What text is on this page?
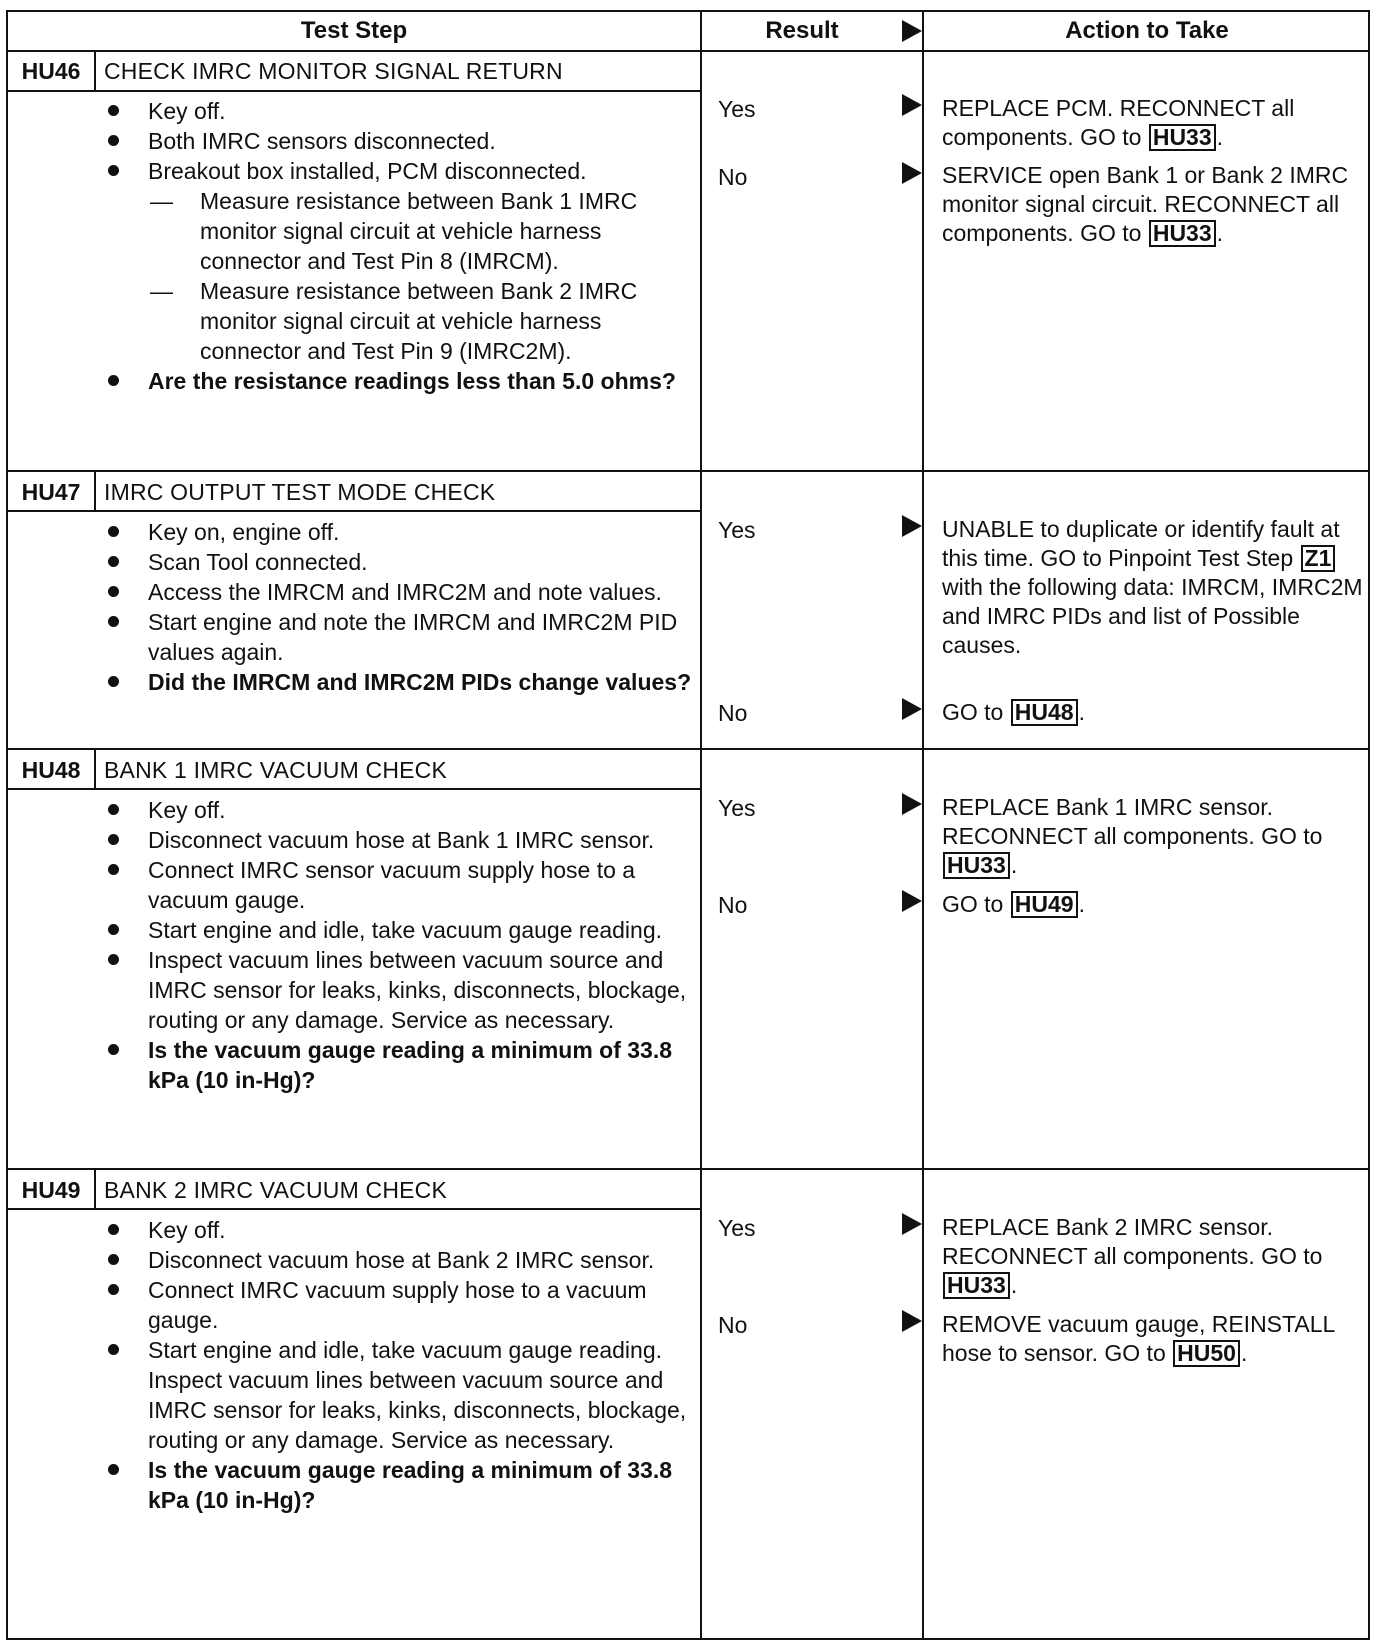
Test Step	Result	Action to Take
HU46	CHECK IMRC MONITOR SIGNAL RETURN
Key off.
Both IMRC sensors disconnected.
Breakout box installed, PCM disconnected.
— Measure resistance between Bank 1 IMRC monitor signal circuit at vehicle harness connector and Test Pin 8 (IMRCM).
— Measure resistance between Bank 2 IMRC monitor signal circuit at vehicle harness connector and Test Pin 9 (IMRC2M).
Are the resistance readings less than 5.0 ohms?
Yes	REPLACE PCM. RECONNECT all components. GO to HU33 .
No	SERVICE open Bank 1 or Bank 2 IMRC monitor signal circuit. RECONNECT all components. GO to HU33 .
HU47	IMRC OUTPUT TEST MODE CHECK
Key on, engine off.
Scan Tool connected.
Access the IMRCM and IMRC2M and note values.
Start engine and note the IMRCM and IMRC2M PID values again.
Did the IMRCM and IMRC2M PIDs change values?
Yes	UNABLE to duplicate or identify fault at this time. GO to Pinpoint Test Step Z1 with the following data: IMRCM, IMRC2M and IMRC PIDs and list of Possible causes.
No	GO to HU48 .
HU48	BANK 1 IMRC VACUUM CHECK
Key off.
Disconnect vacuum hose at Bank 1 IMRC sensor.
Connect IMRC sensor vacuum supply hose to a vacuum gauge.
Start engine and idle, take vacuum gauge reading.
Inspect vacuum lines between vacuum source and IMRC sensor for leaks, kinks, disconnects, blockage, routing or any damage. Service as necessary.
Is the vacuum gauge reading a minimum of 33.8 kPa (10 in-Hg)?
Yes	REPLACE Bank 1 IMRC sensor. RECONNECT all components. GO to HU33 .
No	GO to HU49 .
HU49	BANK 2 IMRC VACUUM CHECK
Key off.
Disconnect vacuum hose at Bank 2 IMRC sensor.
Connect IMRC vacuum supply hose to a vacuum gauge.
Start engine and idle, take vacuum gauge reading. Inspect vacuum lines between vacuum source and IMRC sensor for leaks, kinks, disconnects, blockage, routing or any damage. Service as necessary.
Is the vacuum gauge reading a minimum of 33.8 kPa (10 in-Hg)?
Yes	REPLACE Bank 2 IMRC sensor. RECONNECT all components. GO to HU33 .
No	REMOVE vacuum gauge, REINSTALL hose to sensor. GO to HU50 .
